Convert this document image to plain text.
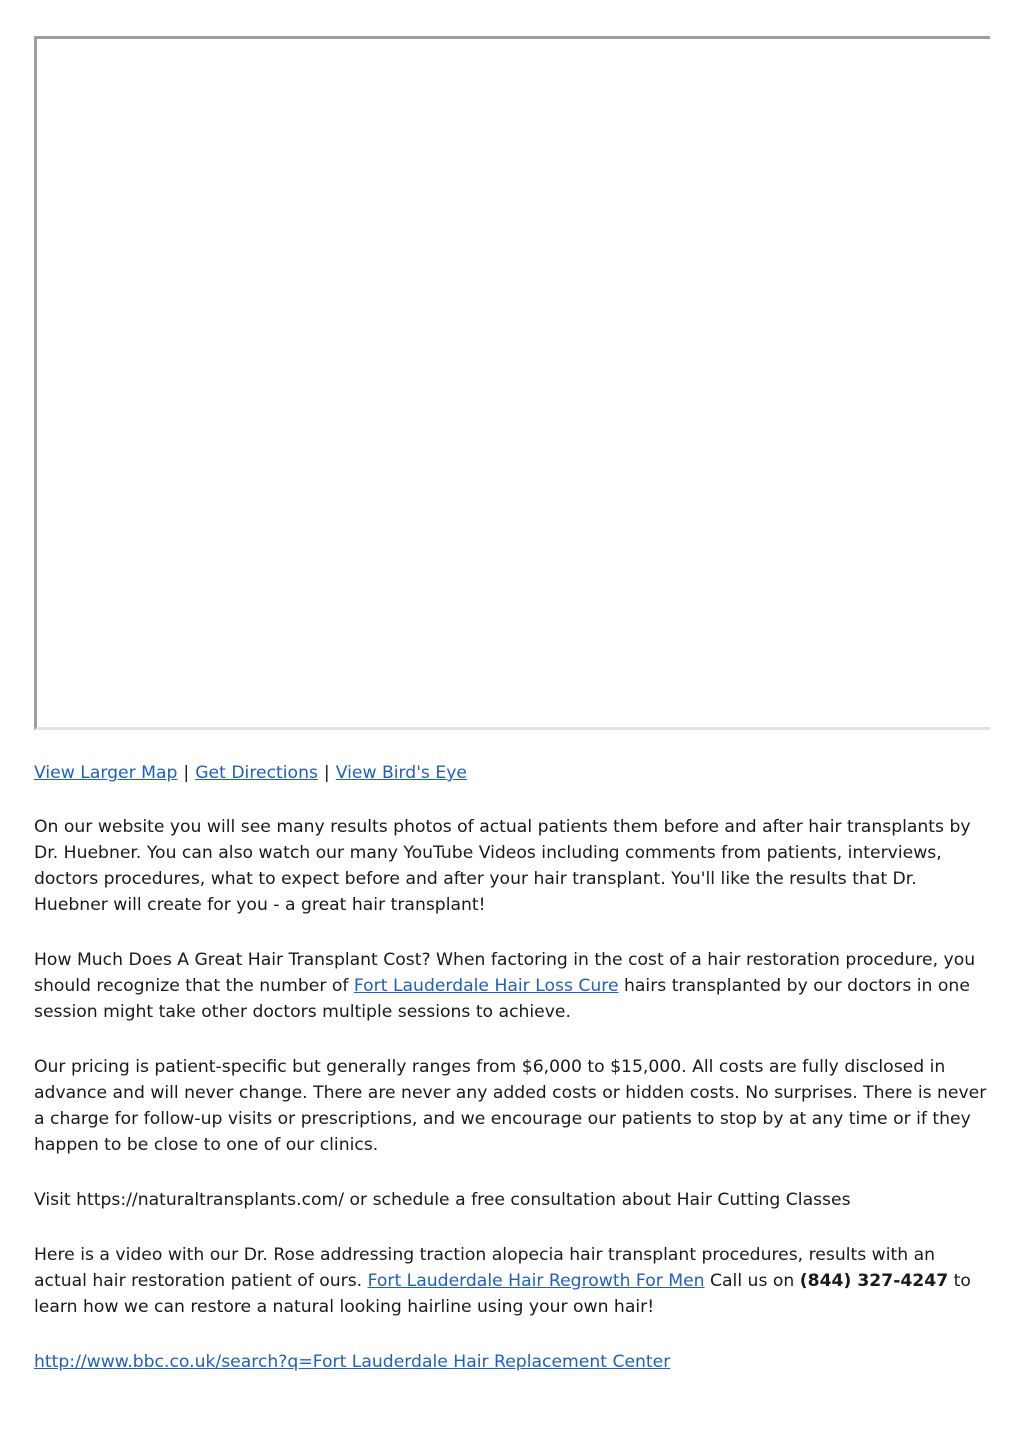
View Larger Map | Get Directions | View Bird's Eye

On our website you will see many results photos of actual patients them before and after hair transplants by Dr. Huebner. You can also watch our many YouTube Videos including comments from patients, interviews, doctors procedures, what to expect before and after your hair transplant. You'll like the results that Dr. Huebner will create for you - a great hair transplant!

How Much Does A Great Hair Transplant Cost? When factoring in the cost of a hair restoration procedure, you should recognize that the number of Fort Lauderdale Hair Loss Cure hairs transplanted by our doctors in one session might take other doctors multiple sessions to achieve.

Our pricing is patient-specific but generally ranges from $6,000 to $15,000. All costs are fully disclosed in advance and will never change. There are never any added costs or hidden costs. No surprises. There is never a charge for follow-up visits or prescriptions, and we encourage our patients to stop by at any time or if they happen to be close to one of our clinics.

Visit https://naturaltransplants.com/ or schedule a free consultation about Hair Cutting Classes

Here is a video with our Dr. Rose addressing traction alopecia hair transplant procedures, results with an actual hair restoration patient of ours. Fort Lauderdale Hair Regrowth For Men Call us on (844) 327-4247 to learn how we can restore a natural looking hairline using your own hair!

http://www.bbc.co.uk/search?q=Fort Lauderdale Hair Replacement Center
